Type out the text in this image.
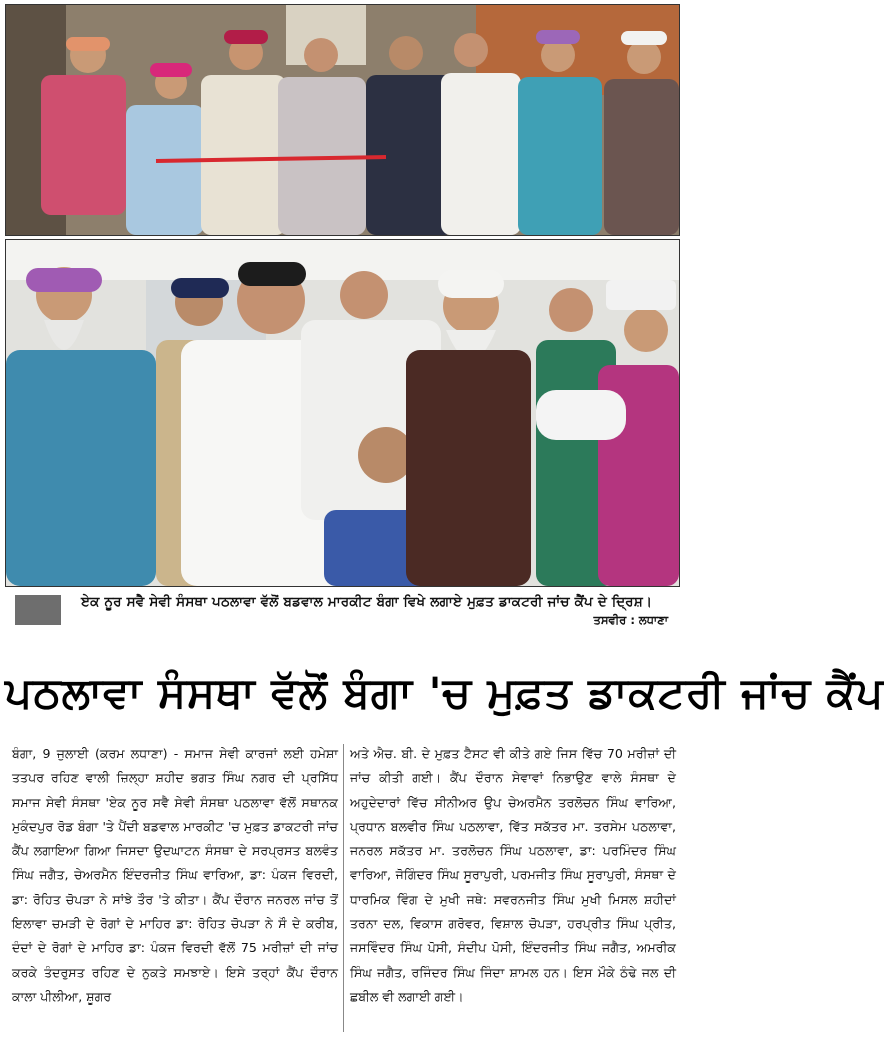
ਏਕ ਨੂਰ ਸਵੈ ਸੇਵੀ ਸੰਸਥਾ ਪਠਲਾਵਾ ਵੱਲੋਂ ਬਡਵਾਲ ਮਾਰਕੀਟ ਬੰਗਾ ਵਿਖੇ ਲਗਾਏ ਮੁਫ਼ਤ ਡਾਕਟਰੀ ਜਾਂਚ ਕੈਂਪ ਦੇ ਦ੍ਰਿਸ਼।
ਤਸਵੀਰ : ਲਧਾਣਾ
ਪਠਲਾਵਾ ਸੰਸਥਾ ਵੱਲੋਂ ਬੰਗਾ 'ਚ ਮੁਫ਼ਤ ਡਾਕਟਰੀ ਜਾਂਚ ਕੈਂਪ
ਬੰਗਾ, 9 ਜੁਲਾਈ (ਕਰਮ ਲਧਾਣਾ) - ਸਮਾਜ ਸੇਵੀ ਕਾਰਜਾਂ ਲਈ ਹਮੇਸ਼ਾ ਤਤਪਰ ਰਹਿਣ ਵਾਲੀ ਜ਼ਿਲ੍ਹਾ ਸ਼ਹੀਦ ਭਗਤ ਸਿੰਘ ਨਗਰ ਦੀ ਪ੍ਰਸਿੱਧ ਸਮਾਜ ਸੇਵੀ ਸੰਸਥਾ 'ਏਕ ਨੂਰ ਸਵੈ ਸੇਵੀ ਸੰਸਥਾ ਪਠਲਾਵਾ ਵੱਲੋਂ ਸਥਾਨਕ ਮੁਕੰਦਪੁਰ ਰੋਡ ਬੰਗਾ 'ਤੇ ਪੈਂਦੀ ਬਡਵਾਲ ਮਾਰਕੀਟ 'ਚ ਮੁਫ਼ਤ ਡਾਕਟਰੀ ਜਾਂਚ ਕੈਂਪ ਲਗਾਇਆ ਗਿਆ ਜਿਸਦਾ ਉਦਘਾਟਨ ਸੰਸਥਾ ਦੇ ਸਰਪ੍ਰਸਤ ਬਲਵੰਤ ਸਿੰਘ ਜਗੈਤ, ਚੇਅਰਮੈਨ ਇੰਦਰਜੀਤ ਸਿੰਘ ਵਾਰਿਆ, ਡਾ: ਪੰਕਜ ਵਿਰਦੀ, ਡਾ: ਰੋਹਿਤ ਚੋਪੜਾ ਨੇ ਸਾਂਝੇ ਤੌਰ 'ਤੇ ਕੀਤਾ। ਕੈਂਪ ਦੌਰਾਨ ਜਨਰਲ ਜਾਂਚ ਤੋਂ ਇਲਾਵਾ ਚਮੜੀ ਦੇ ਰੋਗਾਂ ਦੇ ਮਾਹਿਰ ਡਾ: ਰੋਹਿਤ ਚੋਪੜਾ ਨੇ ਸੌ ਦੇ ਕਰੀਬ, ਦੰਦਾਂ ਦੇ ਰੋਗਾਂ ਦੇ ਮਾਹਿਰ ਡਾ: ਪੰਕਜ ਵਿਰਦੀ ਵੱਲੋਂ 75 ਮਰੀਜ਼ਾਂ ਦੀ ਜਾਂਚ ਕਰਕੇ ਤੰਦਰੁਸਤ ਰਹਿਣ ਦੇ ਨੁਕਤੇ ਸਮਝਾਏ। ਇਸੇ ਤਰ੍ਹਾਂ ਕੈਂਪ ਦੌਰਾਨ ਕਾਲਾ ਪੀਲੀਆ, ਸ਼ੂਗਰ
ਅਤੇ ਐਚ. ਬੀ. ਦੇ ਮੁਫ਼ਤ ਟੈਸਟ ਵੀ ਕੀਤੇ ਗਏ ਜਿਸ ਵਿੱਚ 70 ਮਰੀਜ਼ਾਂ ਦੀ ਜਾਂਚ ਕੀਤੀ ਗਈ। ਕੈਂਪ ਦੌਰਾਨ ਸੇਵਾਵਾਂ ਨਿਭਾਉਣ ਵਾਲੇ ਸੰਸਥਾ ਦੇ ਅਹੁਦੇਦਾਰਾਂ ਵਿੱਚ ਸੀਨੀਅਰ ਉਪ ਚੇਅਰਮੈਨ ਤਰਲੋਚਨ ਸਿੰਘ ਵਾਰਿਆ, ਪ੍ਰਧਾਨ ਬਲਵੀਰ ਸਿੰਘ ਪਠਲਾਵਾ, ਵਿੱਤ ਸਕੱਤਰ ਮਾ. ਤਰਸੇਮ ਪਠਲਾਵਾ, ਜਨਰਲ ਸਕੱਤਰ ਮਾ. ਤਰਲੋਚਨ ਸਿੰਘ ਪਠਲਾਵਾ, ਡਾ: ਪਰਮਿੰਦਰ ਸਿੰਘ ਵਾਰਿਆ, ਜੋਗਿੰਦਰ ਸਿੰਘ ਸੂਰਾਪੁਰੀ, ਪਰਮਜੀਤ ਸਿੰਘ ਸੂਰਾਪੁਰੀ, ਸੰਸਥਾ ਦੇ ਧਾਰਮਿਕ ਵਿੰਗ ਦੇ ਮੁਖੀ ਜਥੇ: ਸਵਰਨਜੀਤ ਸਿੰਘ ਮੁਖੀ ਮਿਸਲ ਸ਼ਹੀਦਾਂ ਤਰਨਾ ਦਲ, ਵਿਕਾਸ ਗਰੋਵਰ, ਵਿਸ਼ਾਲ ਚੋਪੜਾ, ਹਰਪ੍ਰੀਤ ਸਿੰਘ ਪ੍ਰੀਤ, ਜਸਵਿੰਦਰ ਸਿੰਘ ਪੋਸੀ, ਸੰਦੀਪ ਪੋਸੀ, ਇੰਦਰਜੀਤ ਸਿੰਘ ਜਗੈਤ, ਅਮਰੀਕ ਸਿੰਘ ਜਗੈਤ, ਰਜਿੰਦਰ ਸਿੰਘ ਜਿੰਦਾ ਸ਼ਾਮਲ ਹਨ। ਇਸ ਮੌਕੇ ਠੰਢੇ ਜਲ ਦੀ ਛਬੀਲ ਵੀ ਲਗਾਈ ਗਈ।
